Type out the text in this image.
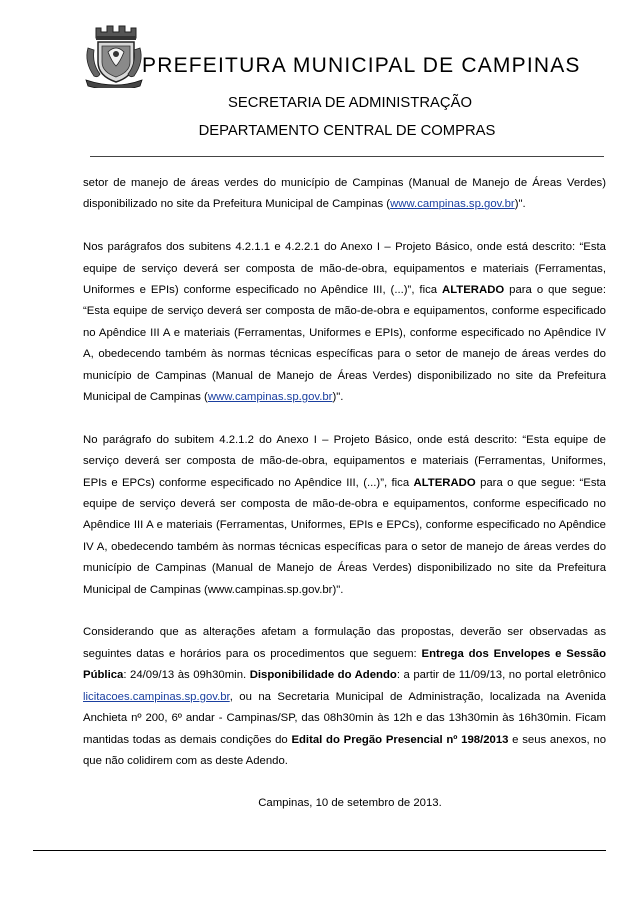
PREFEITURA MUNICIPAL DE CAMPINAS
SECRETARIA DE ADMINISTRAÇÃO
DEPARTAMENTO CENTRAL DE COMPRAS

setor de manejo de áreas verdes do município de Campinas (Manual de Manejo de Áreas Verdes) disponibilizado no site da Prefeitura Municipal de Campinas (www.campinas.sp.gov.br)".

Nos parágrafos dos subitens 4.2.1.1 e 4.2.2.1 do Anexo I – Projeto Básico, onde está descrito: “Esta equipe de serviço deverá ser composta de mão-de-obra, equipamentos e materiais (Ferramentas, Uniformes e EPIs) conforme especificado no Apêndice III, (...)”, fica ALTERADO para o que segue: “Esta equipe de serviço deverá ser composta de mão-de-obra e equipamentos, conforme especificado no Apêndice III A e materiais (Ferramentas, Uniformes e EPIs), conforme especificado no Apêndice IV A, obedecendo também às normas técnicas específicas para o setor de manejo de áreas verdes do município de Campinas (Manual de Manejo de Áreas Verdes) disponibilizado no site da Prefeitura Municipal de Campinas (www.campinas.sp.gov.br)".

No parágrafo do subitem 4.2.1.2 do Anexo I – Projeto Básico, onde está descrito: “Esta equipe de serviço deverá ser composta de mão-de-obra, equipamentos e materiais (Ferramentas, Uniformes, EPIs e EPCs) conforme especificado no Apêndice III, (...)”, fica ALTERADO para o que segue: “Esta equipe de serviço deverá ser composta de mão-de-obra e equipamentos, conforme especificado no Apêndice III A e materiais (Ferramentas, Uniformes, EPIs e EPCs), conforme especificado no Apêndice IV A, obedecendo também às normas técnicas específicas para o setor de manejo de áreas verdes do município de Campinas (Manual de Manejo de Áreas Verdes) disponibilizado no site da Prefeitura Municipal de Campinas (www.campinas.sp.gov.br)".

Considerando que as alterações afetam a formulação das propostas, deverão ser observadas as seguintes datas e horários para os procedimentos que seguem: Entrega dos Envelopes e Sessão Pública: 24/09/13 às 09h30min. Disponibilidade do Adendo: a partir de 11/09/13, no portal eletrônico licitacoes.campinas.sp.gov.br, ou na Secretaria Municipal de Administração, localizada na Avenida Anchieta nº 200, 6º andar - Campinas/SP, das 08h30min às 12h e das 13h30min às 16h30min. Ficam mantidas todas as demais condições do Edital do Pregão Presencial nº 198/2013 e seus anexos, no que não colidirem com as deste Adendo.

Campinas, 10 de setembro de 2013.
